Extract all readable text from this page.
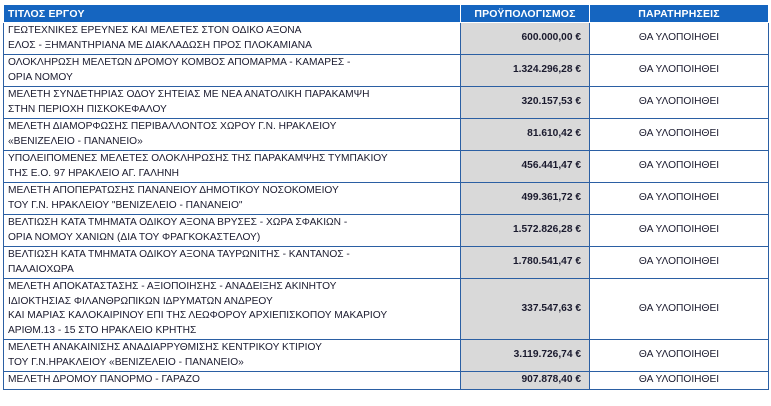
ΤΙΤΛΟΣ ΕΡΓΟΥ	ΠΡΟΫΠΟΛΟΓΙΣΜΟΣ	ΠΑΡΑΤΗΡΗΣΕΙΣ

ΓΕΩΤΕΧΝΙΚΕΣ ΕΡΕΥΝΕΣ ΚΑΙ ΜΕΛΕΤΕΣ ΣΤΟΝ ΟΔΙΚΟ ΑΞΟΝΑ
ΕΛΟΣ - ΞΗΜΑΝΤΗΡΙΑΝΑ ΜΕ ΔΙΑΚΛΑΔΩΣΗ ΠΡΟΣ ΠΛΟΚΑΜΙΑΝΑ	600.000,00 €	ΘΑ ΥΛΟΠΟΙΗΘΕΙ

ΟΛΟΚΛΗΡΩΣΗ ΜΕΛΕΤΩΝ ΔΡΟΜΟΥ ΚΟΜΒΟΣ ΑΠΟΜΑΡΜΑ - ΚΑΜΑΡΕΣ -
ΟΡΙΑ ΝΟΜΟΥ	1.324.296,28 €	ΘΑ ΥΛΟΠΟΙΗΘΕΙ

ΜΕΛΕΤΗ ΣΥΝΔΕΤΗΡΙΑΣ ΟΔΟΥ ΣΗΤΕΙΑΣ ΜΕ ΝΕΑ ΑΝΑΤΟΛΙΚΗ ΠΑΡΑΚΑΜΨΗ
ΣΤΗΝ ΠΕΡΙΟΧΗ ΠΙΣΚΟΚΕΦΑΛΟΥ	320.157,53 €	ΘΑ ΥΛΟΠΟΙΗΘΕΙ

ΜΕΛΕΤΗ ΔΙΑΜΟΡΦΩΣΗΣ ΠΕΡΙΒΑΛΛΟΝΤΟΣ ΧΩΡΟΥ Γ.Ν. ΗΡΑΚΛΕΙΟΥ
«ΒΕΝΙΖΕΛΕΙΟ - ΠΑΝΑΝΕΙΟ»	81.610,42 €	ΘΑ ΥΛΟΠΟΙΗΘΕΙ

ΥΠΟΛΕΙΠΟΜΕΝΕΣ ΜΕΛΕΤΕΣ ΟΛΟΚΛΗΡΩΣΗΣ ΤΗΣ ΠΑΡΑΚΑΜΨΗΣ ΤΥΜΠΑΚΙΟΥ
ΤΗΣ Ε.Ο. 97 ΗΡΑΚΛΕΙΟ ΑΓ. ΓΑΛΗΝΗ	456.441,47 €	ΘΑ ΥΛΟΠΟΙΗΘΕΙ

ΜΕΛΕΤΗ ΑΠΟΠΕΡΑΤΩΣΗΣ ΠΑΝΑΝΕΙΟΥ ΔΗΜΟΤΙΚΟΥ ΝΟΣΟΚΟΜΕΙΟΥ
ΤΟΥ Γ.Ν. ΗΡΑΚΛΕΙΟΥ "ΒΕΝΙΖΕΛΕΙΟ - ΠΑΝΑΝΕΙΟ"	499.361,72 €	ΘΑ ΥΛΟΠΟΙΗΘΕΙ

ΒΕΛΤΙΩΣΗ ΚΑΤΑ ΤΜΗΜΑΤΑ ΟΔΙΚΟΥ ΑΞΟΝΑ ΒΡΥΣΕΣ - ΧΩΡΑ ΣΦΑΚΙΩΝ -
ΟΡΙΑ ΝΟΜΟΥ ΧΑΝΙΩΝ (ΔΙΑ ΤΟΥ ΦΡΑΓΚΟΚΑΣΤΕΛΟΥ)	1.572.826,28 €	ΘΑ ΥΛΟΠΟΙΗΘΕΙ

ΒΕΛΤΙΩΣΗ ΚΑΤΑ ΤΜΗΜΑΤΑ ΟΔΙΚΟΥ ΑΞΟΝΑ ΤΑΥΡΩΝΙΤΗΣ - ΚΑΝΤΑΝΟΣ -
ΠΑΛΑΙΟΧΩΡΑ	1.780.541,47 €	ΘΑ ΥΛΟΠΟΙΗΘΕΙ

ΜΕΛΕΤΗ ΑΠΟΚΑΤΑΣΤΑΣΗΣ - ΑΞΙΟΠΟΙΗΣΗΣ - ΑΝΑΔΕΙΞΗΣ ΑΚΙΝΗΤΟΥ
ΙΔΙΟΚΤΗΣΙΑΣ ΦΙΛΑΝΘΡΩΠΙΚΩΝ ΙΔΡΥΜΑΤΩΝ ΑΝΔΡΕΟΥ
ΚΑΙ ΜΑΡΙΑΣ ΚΑΛΟΚΑΙΡΙΝΟΥ ΕΠΙ ΤΗΣ ΛΕΩΦΟΡΟΥ ΑΡΧΙΕΠΙΣΚΟΠΟΥ ΜΑΚΑΡΙΟΥ
ΑΡΙΘΜ.13 - 15 ΣΤΟ ΗΡΑΚΛΕΙΟ ΚΡΗΤΗΣ	337.547,63 €	ΘΑ ΥΛΟΠΟΙΗΘΕΙ

ΜΕΛΕΤΗ ΑΝΑΚΑΙΝΙΣΗΣ ΑΝΑΔΙΑΡΡΥΘΜΙΣΗΣ ΚΕΝΤΡΙΚΟΥ ΚΤΙΡΙΟΥ
ΤΟΥ Γ.Ν.ΗΡΑΚΛΕΙΟΥ «ΒΕΝΙΖΕΛΕΙΟ - ΠΑΝΑΝΕΙΟ»	3.119.726,74 €	ΘΑ ΥΛΟΠΟΙΗΘΕΙ

ΜΕΛΕΤΗ ΔΡΟΜΟΥ ΠΑΝΟΡΜΟ - ΓΑΡΑΖΟ	907.878,40 €	ΘΑ ΥΛΟΠΟΙΗΘΕΙ
